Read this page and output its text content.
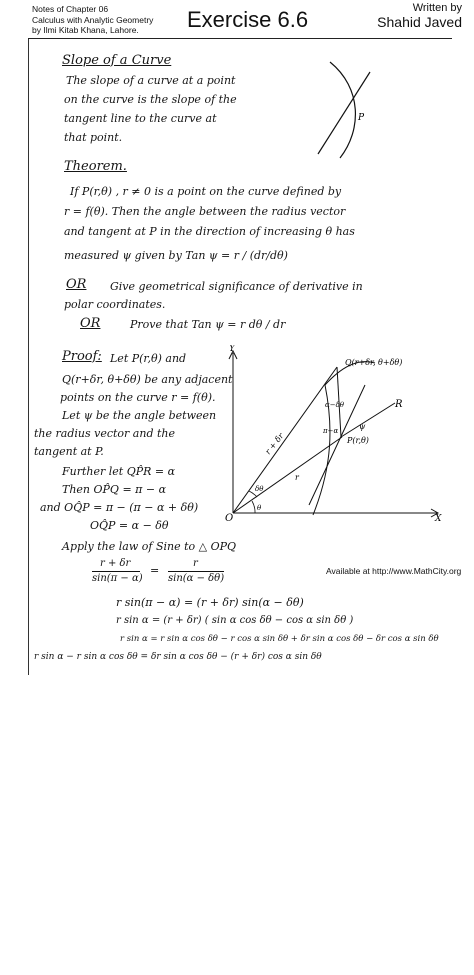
Notes of Chapter 06
Calculus with Analytic Geometry
by Ilmi Kitab Khana, Lahore.	Exercise 6.6	Written by
Shahid Javed
Slope of a Curve
The slope of a curve at a point
on the curve is the slope of the
tangent line to the curve at
that point.
P
Theorem.
If P(r,θ) , r ≠ 0 is a point on the curve defined by
r = f(θ). Then the angle between the radius vector
and tangent at P in the direction of increasing θ has
measured ψ given by Tan ψ = r / (dr/dθ)
OR Give geometrical significance of derivative in
polar coordinates.
OR	Prove that Tan ψ = r dθ / dr
Proof: Let P(r,θ) and
Q(r+δr, θ+δθ) be any adjacent
points on the curve r = f(θ).
Let ψ be the angle between
the radius vector and the
tangent at P.
Further let QP̂R = α
Then OP̂Q = π − α
and OQ̂P = π − (π − α + δθ)
OQ̂P = α − δθ
Apply the law of Sine to △ OPQ
r + δr
sin(π − α)
=
r
sin(α − δθ)
r sin(π − α) = (r + δr) sin(α − δθ)
r sin α = (r + δr) ( sin α cos δθ − cos α sin δθ )
r sin α = r sin α cos δθ − r cos α sin δθ + δr sin α cos δθ − δr cos α sin δθ
r sin α − r sin α cos δθ = δr sin α cos δθ − (r + δr) cos α sin δθ
Available at http://www.MathCity.org
Q(r+δr, θ+δθ)
P(r,θ)
R
O	X
Y
r + δr
r
α−δθ
π−α
δθ
θ
ψ
